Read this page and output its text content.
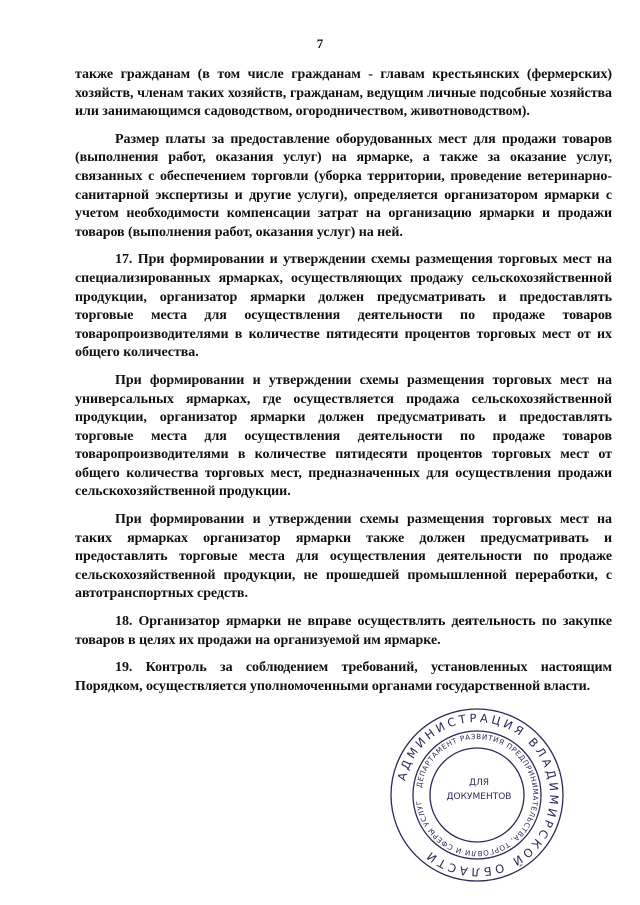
7

также гражданам (в том числе гражданам - главам крестьянских (фермерских) хозяйств, членам таких хозяйств, гражданам, ведущим личные подсобные хозяйства или занимающимся садоводством, огородничеством, животноводством).

Размер платы за предоставление оборудованных мест для продажи товаров (выполнения работ, оказания услуг) на ярмарке, а также за оказание услуг, связанных с обеспечением торговли (уборка территории, проведение ветеринарно-санитарной экспертизы и другие услуги), определяется организатором ярмарки с учетом необходимости компенсации затрат на организацию ярмарки и продажи товаров (выполнения работ, оказания услуг) на ней.

17. При формировании и утверждении схемы размещения торговых мест на специализированных ярмарках, осуществляющих продажу сельскохозяйственной продукции, организатор ярмарки должен предусматривать и предоставлять торговые места для осуществления деятельности по продаже товаров товаропроизводителями в количестве пятидесяти процентов торговых мест от их общего количества.

При формировании и утверждении схемы размещения торговых мест на универсальных ярмарках, где осуществляется продажа сельскохозяйственной продукции, организатор ярмарки должен предусматривать и предоставлять торговые места для осуществления деятельности по продаже товаров товаропроизводителями в количестве пятидесяти процентов торговых мест от общего количества торговых мест, предназначенных для осуществления продажи сельскохозяйственной продукции.

При формировании и утверждении схемы размещения торговых мест на таких ярмарках организатор ярмарки также должен предусматривать и предоставлять торговые места для осуществления деятельности по продаже сельскохозяйственной продукции, не прошедшей промышленной переработки, с автотранспортных средств.

18. Организатор ярмарки не вправе осуществлять деятельность по закупке товаров в целях их продажи на организуемой им ярмарке.

19. Контроль за соблюдением требований, установленных настоящим Порядком, осуществляется уполномоченными органами государственной власти.

АДМИНИСТРАЦИЯ ВЛАДИМИРСКОЙ ОБЛАСТИ
ДЕПАРТАМЕНТ РАЗВИТИЯ ПРЕДПРИНИМАТЕЛЬСТВА, ТОРГОВЛИ И СФЕРЫ УСЛУГ
ДЛЯ
ДОКУМЕНТОВ
